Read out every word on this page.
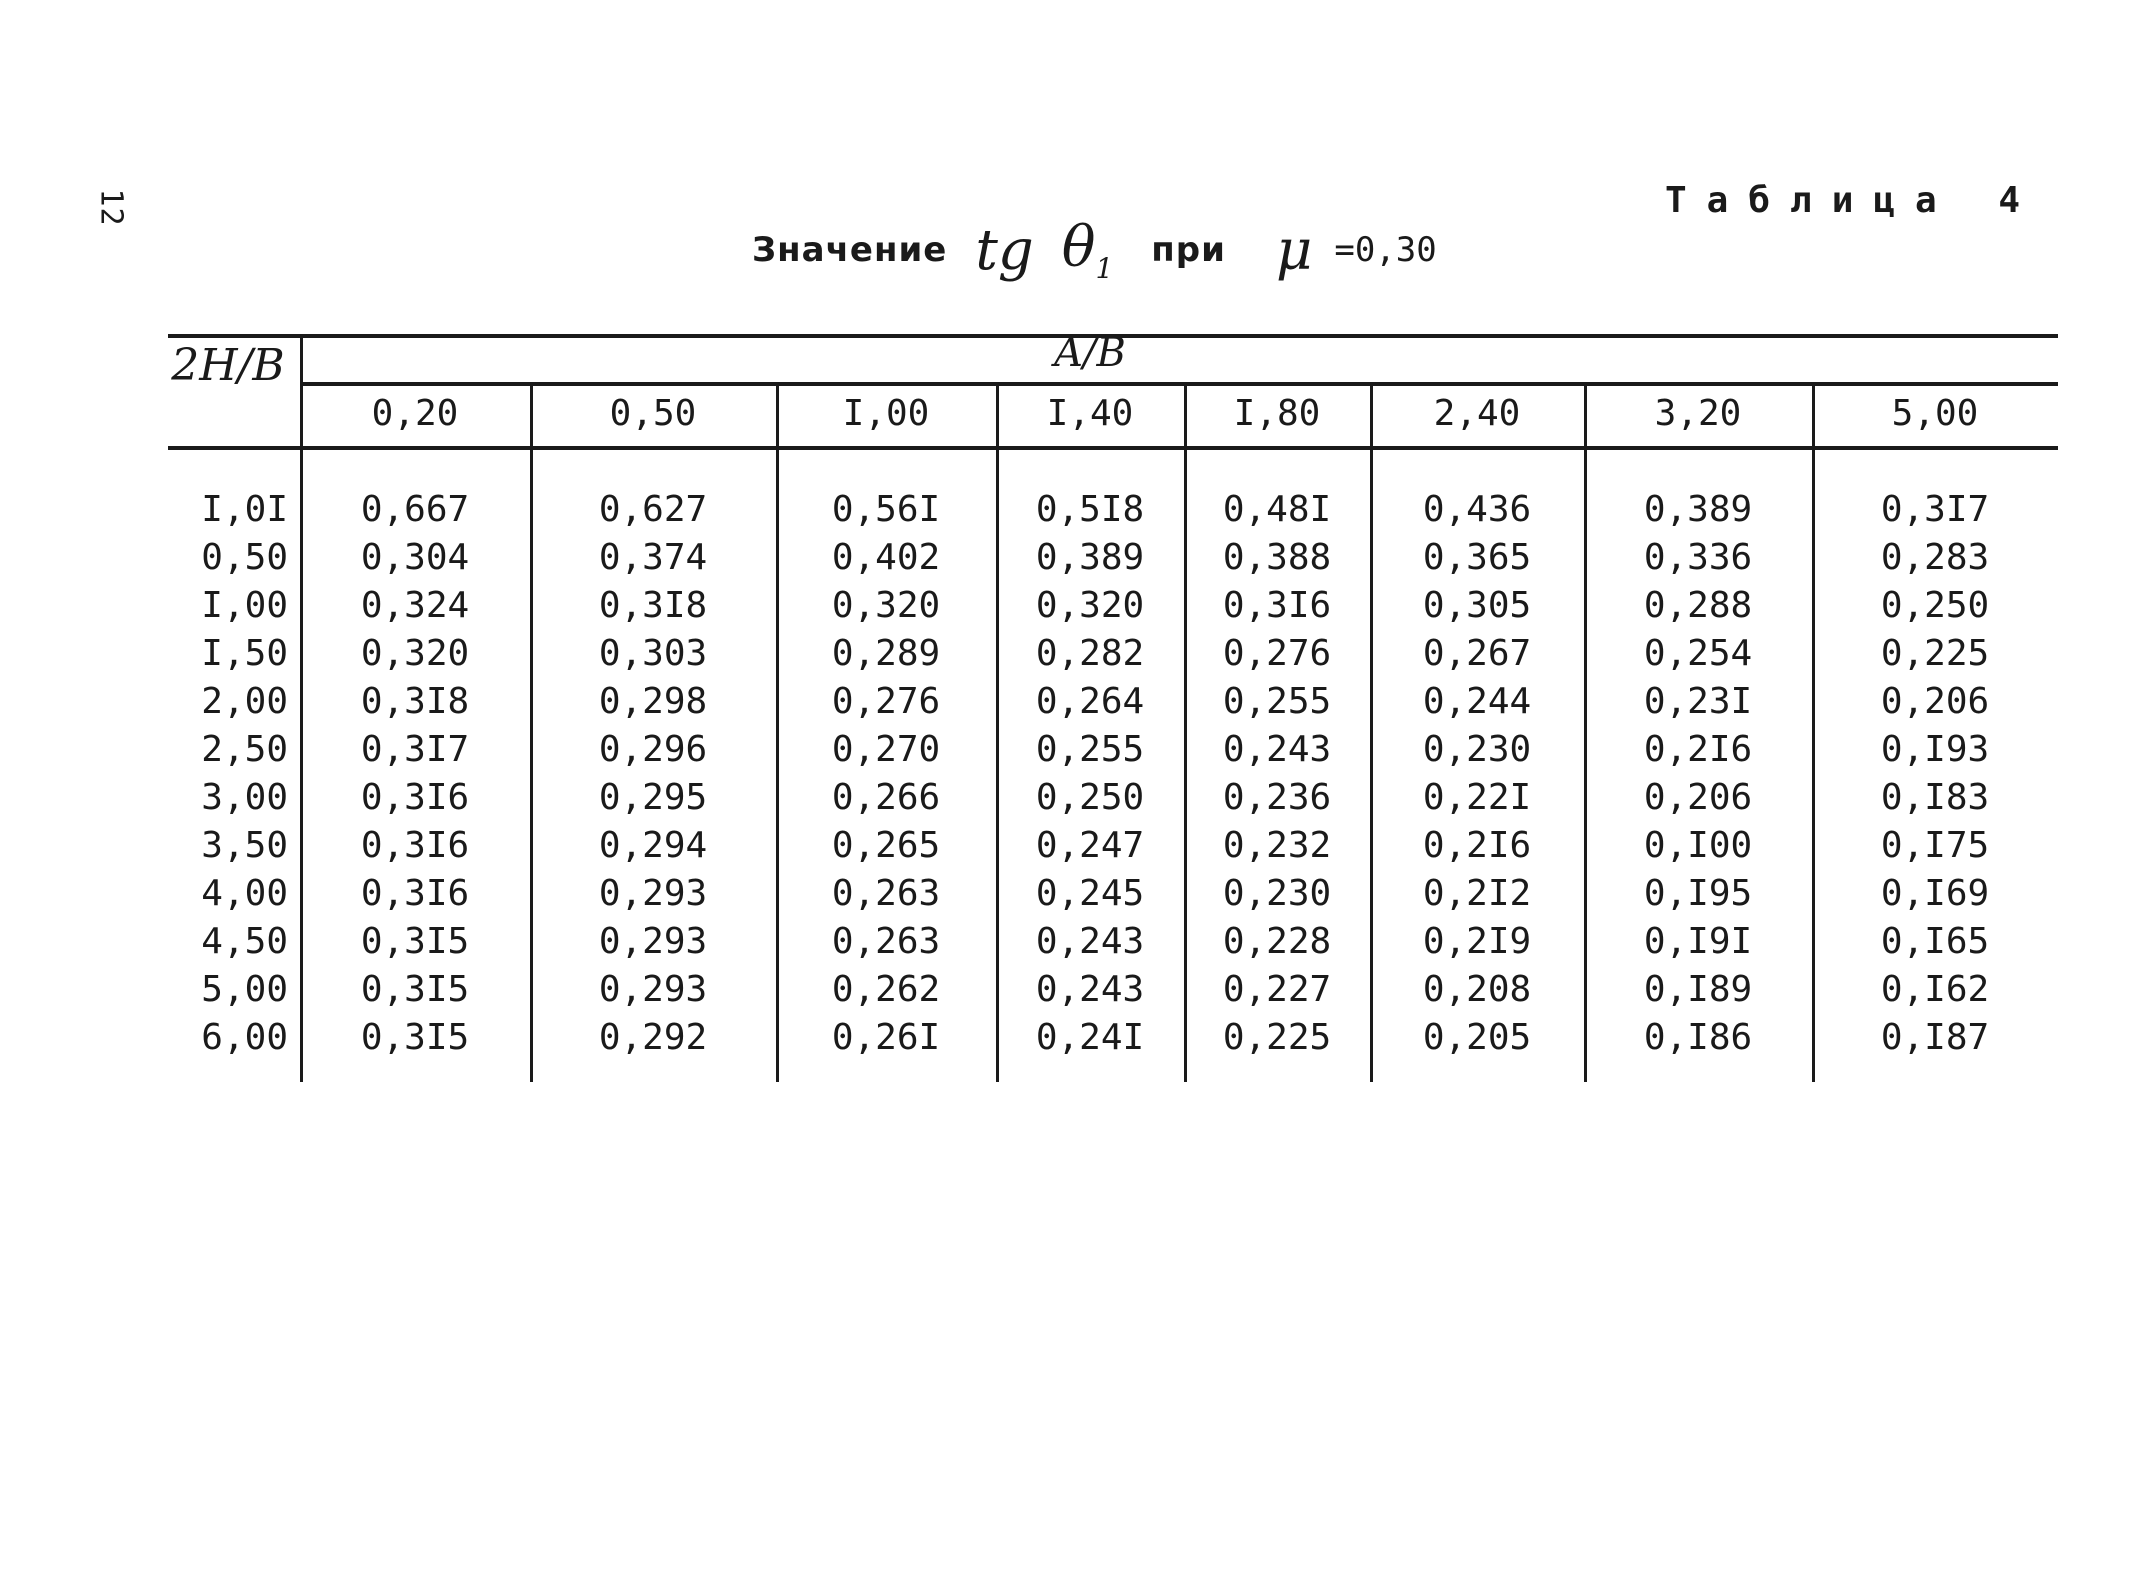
12	Таблица 4
Значение tg $\theta_1$ при μ =0,30
2H/B	A/B
0,20	0,50	I,00	I,40	I,80	2,40	3,20	5,00
I,0I	0,667	0,627	0,56I	0,5I8	0,48I	0,436	0,389	0,3I7
0,50	0,304	0,374	0,402	0,389	0,388	0,365	0,336	0,283
I,00	0,324	0,3I8	0,320	0,320	0,3I6	0,305	0,288	0,250
I,50	0,320	0,303	0,289	0,282	0,276	0,267	0,254	0,225
2,00	0,3I8	0,298	0,276	0,264	0,255	0,244	0,23I	0,206
2,50	0,3I7	0,296	0,270	0,255	0,243	0,230	0,2I6	0,I93
3,00	0,3I6	0,295	0,266	0,250	0,236	0,22I	0,206	0,I83
3,50	0,3I6	0,294	0,265	0,247	0,232	0,2I6	0,I00	0,I75
4,00	0,3I6	0,293	0,263	0,245	0,230	0,2I2	0,I95	0,I69
4,50	0,3I5	0,293	0,263	0,243	0,228	0,2I9	0,I9I	0,I65
5,00	0,3I5	0,293	0,262	0,243	0,227	0,208	0,I89	0,I62
6,00	0,3I5	0,292	0,26I	0,24I	0,225	0,205	0,I86	0,I87
